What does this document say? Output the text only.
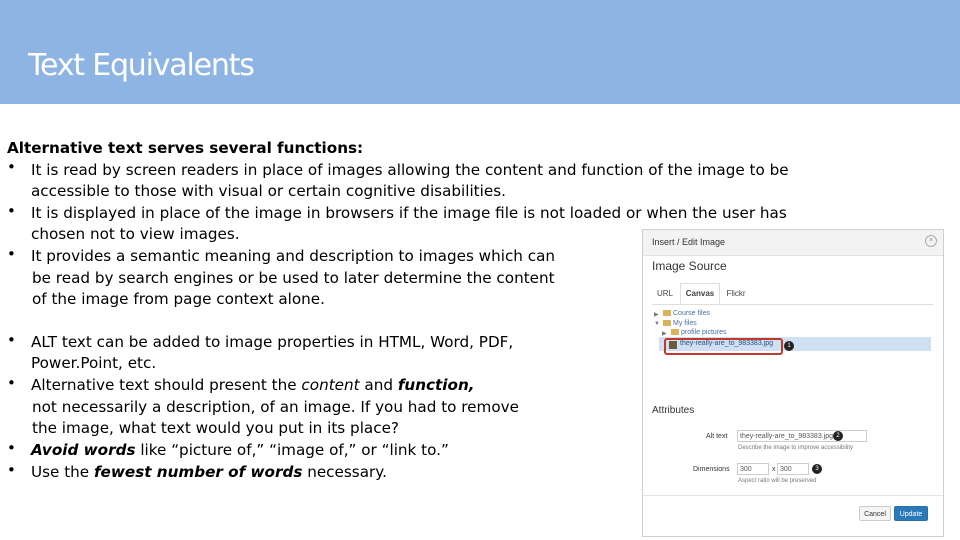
Text Equivalents
Alternative text serves several functions:
• It is read by screen readers in place of images allowing the content and function of the image to be
accessible to those with visual or certain cognitive disabilities.
• It is displayed in place of the image in browsers if the image file is not loaded or when the user has
chosen not to view images.
• It provides a semantic meaning and description to images which can
be read by search engines or be used to later determine the content
of the image from page context alone.
• ALT text can be added to image properties in HTML, Word, PDF,
Power.Point, etc.
• Alternative text should present the content and function,
not necessarily a description, of an image. If you had to remove
the image, what text would you put in its place?
• Avoid words like “picture of,” “image of,” or “link to.”
• Use the fewest number of words necessary.
Insert / Edit Image	×
Image Source
URL	Canvas	Flickr
▶	Course files
▼	My files
▶	profile pictures
they-really-are_to_983383.jpg	1
Attributes
Alt text	they-really-are_to_983383.jpg 2
Describe the image to improve accessibility
Dimensions	300	x 300	3
Aspect ratio will be preserved
Cancel	Update
